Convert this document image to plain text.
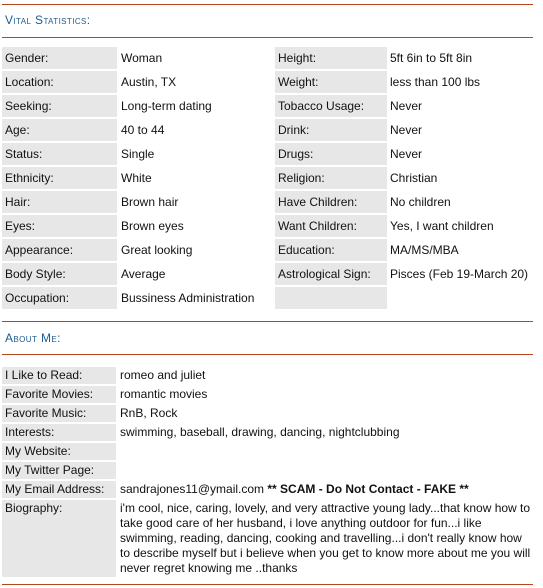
Vital Statistics:
Gender:	Woman	Height:	5ft 6in to 5ft 8in
Location:	Austin, TX	Weight:	less than 100 lbs
Seeking:	Long-term dating	Tobacco Usage:	Never
Age:	40 to 44	Drink:	Never
Status:	Single	Drugs:	Never
Ethnicity:	White	Religion:	Christian
Hair:	Brown hair	Have Children:	No children
Eyes:	Brown eyes	Want Children:	Yes, I want children
Appearance:	Great looking	Education:	MA/MS/MBA
Body Style:	Average	Astrological Sign:	Pisces (Feb 19-March 20)
Occupation:	Bussiness Administration
About Me:
I Like to Read:	romeo and juliet
Favorite Movies:	romantic movies
Favorite Music:	RnB, Rock
Interests:	swimming, baseball, drawing, dancing, nightclubbing
My Website:
My Twitter Page:
My Email Address:	sandrajones11@ymail.com ** SCAM - Do Not Contact - FAKE **
Biography:	i'm cool, nice, caring, lovely, and very attractive young lady...that know how to take good care of her husband, i love anything outdoor for fun...i like swimming, reading, dancing, cooking and travelling...i don't really know how to describe myself but i believe when you get to know more about me you will never regret knowing me ..thanks
